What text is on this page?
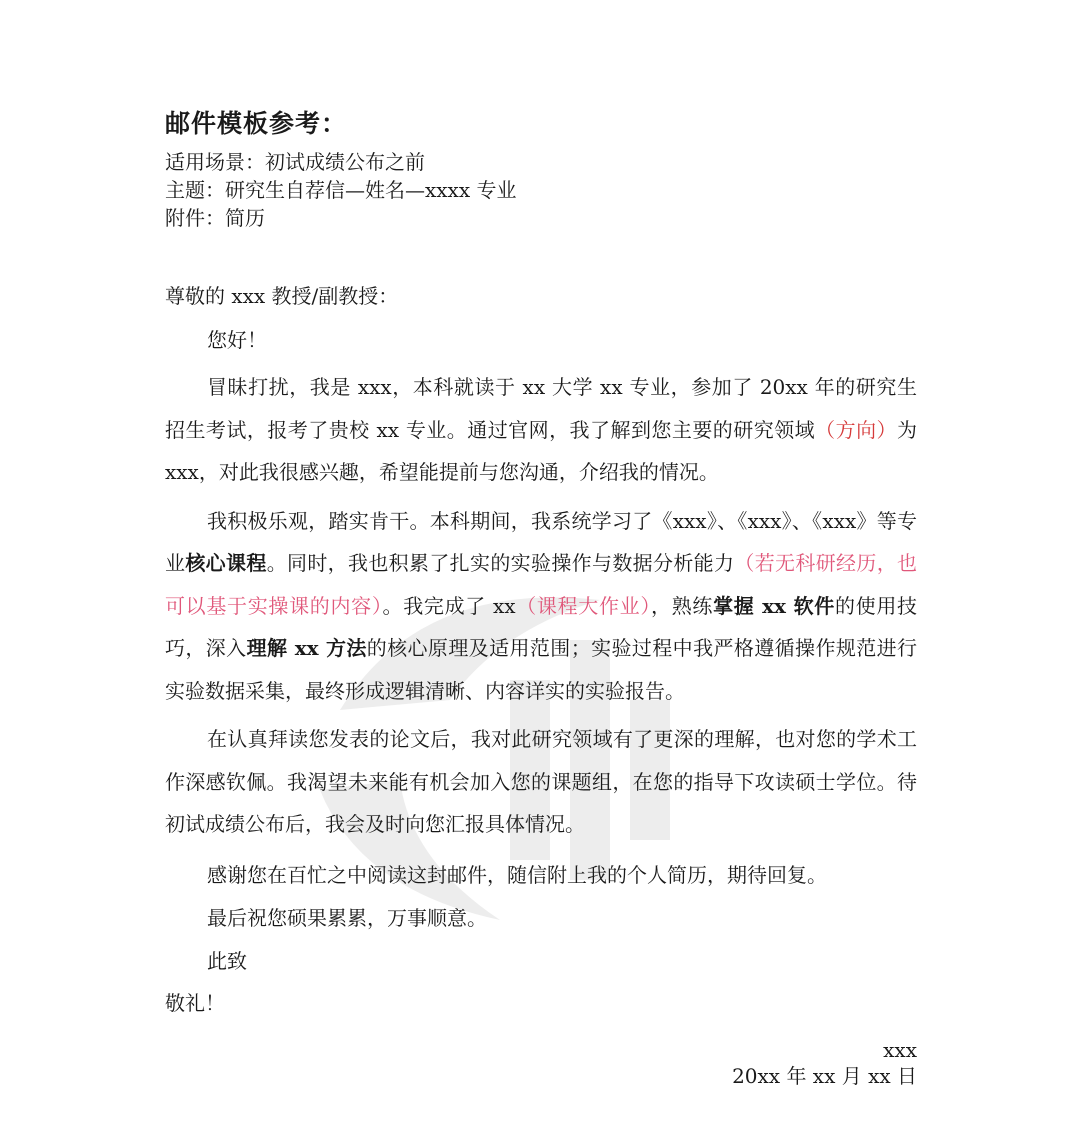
邮件模板参考：

适用场景：初试成绩公布之前

主题：研究生自荐信—姓名—xxxx 专业

附件：简历

尊敬的 xxx 教授/副教授：

您好！

冒昧打扰，我是 xxx，本科就读于 xx 大学 xx 专业，参加了 20xx 年的研究生招生考试，报考了贵校 xx 专业。通过官网，我了解到您主要的研究领域（方向）为 xxx，对此我很感兴趣，希望能提前与您沟通，介绍我的情况。

我积极乐观，踏实肯干。本科期间，我系统学习了《xxx》、《xxx》、《xxx》等专业核心课程。同时，我也积累了扎实的实验操作与数据分析能力（若无科研经历，也可以基于实操课的内容）。我完成了 xx（课程大作业），熟练掌握 xx 软件的使用技巧，深入理解 xx 方法的核心原理及适用范围；实验过程中我严格遵循操作规范进行实验数据采集，最终形成逻辑清晰、内容详实的实验报告。

在认真拜读您发表的论文后，我对此研究领域有了更深的理解，也对您的学术工作深感钦佩。我渴望未来能有机会加入您的课题组，在您的指导下攻读硕士学位。待初试成绩公布后，我会及时向您汇报具体情况。

感谢您在百忙之中阅读这封邮件，随信附上我的个人简历，期待回复。

最后祝您硕果累累，万事顺意。

此致

敬礼！

xxx

20xx 年 xx 月 xx 日
